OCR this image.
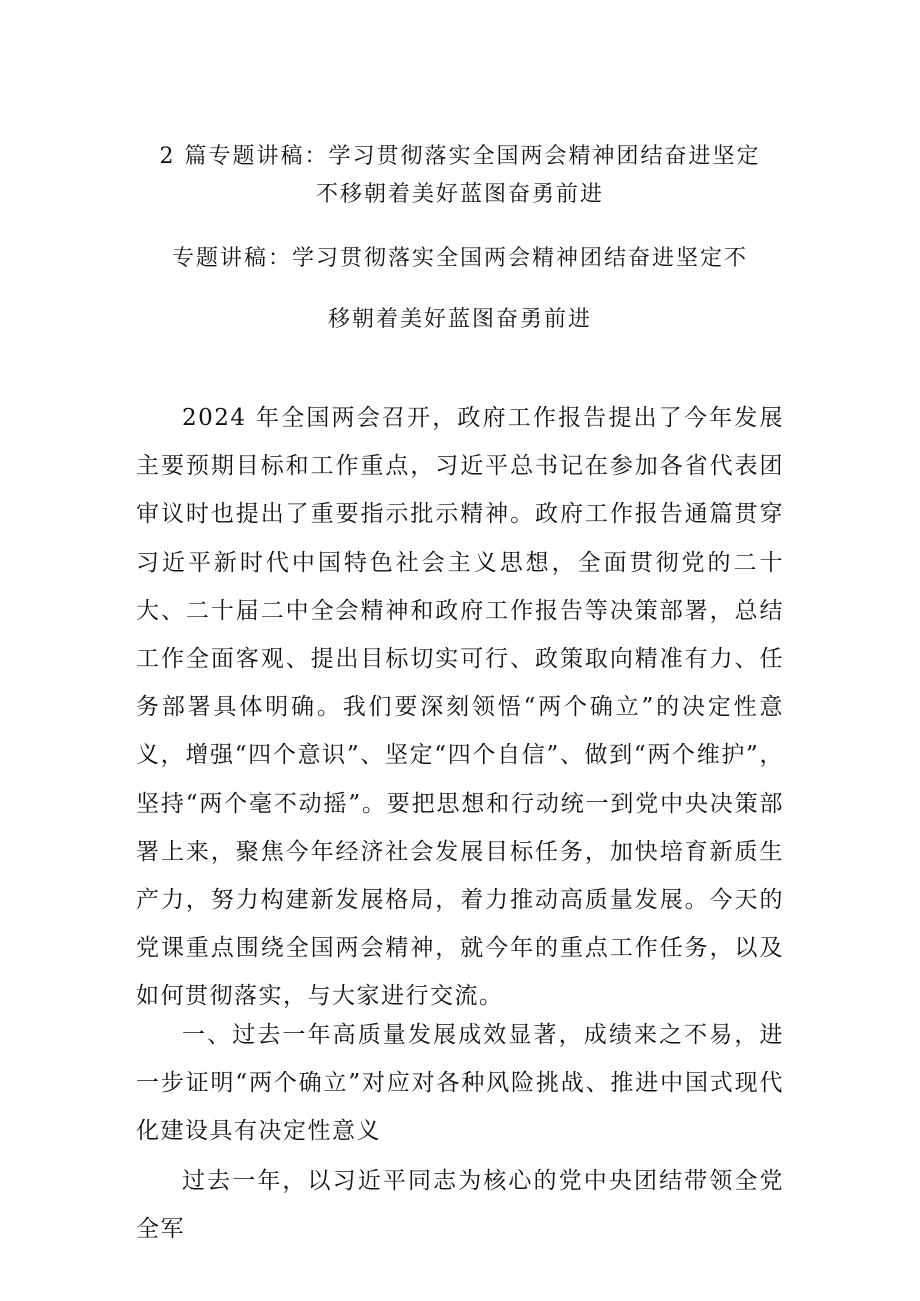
2 篇专题讲稿：学习贯彻落实全国两会精神团结奋进坚定
不移朝着美好蓝图奋勇前进
专题讲稿：学习贯彻落实全国两会精神团结奋进坚定不
移朝着美好蓝图奋勇前进

2024 年全国两会召开，政府工作报告提出了今年发展主要预期目标和工作重点，习近平总书记在参加各省代表团审议时也提出了重要指示批示精神。政府工作报告通篇贯穿习近平新时代中国特色社会主义思想，全面贯彻党的二十大、二十届二中全会精神和政府工作报告等决策部署，总结工作全面客观、提出目标切实可行、政策取向精准有力、任务部署具体明确。我们要深刻领悟“两个确立”的决定性意义，增强“四个意识”、坚定“四个自信”、做到“两个维护”，坚持“两个毫不动摇”。要把思想和行动统一到党中央决策部署上来，聚焦今年经济社会发展目标任务，加快培育新质生产力，努力构建新发展格局，着力推动高质量发展。今天的党课重点围绕全国两会精神，就今年的重点工作任务，以及如何贯彻落实，与大家进行交流。

一、过去一年高质量发展成效显著，成绩来之不易，进一步证明“两个确立”对应对各种风险挑战、推进中国式现代化建设具有决定性意义

过去一年，以习近平同志为核心的党中央团结带领全党全军
